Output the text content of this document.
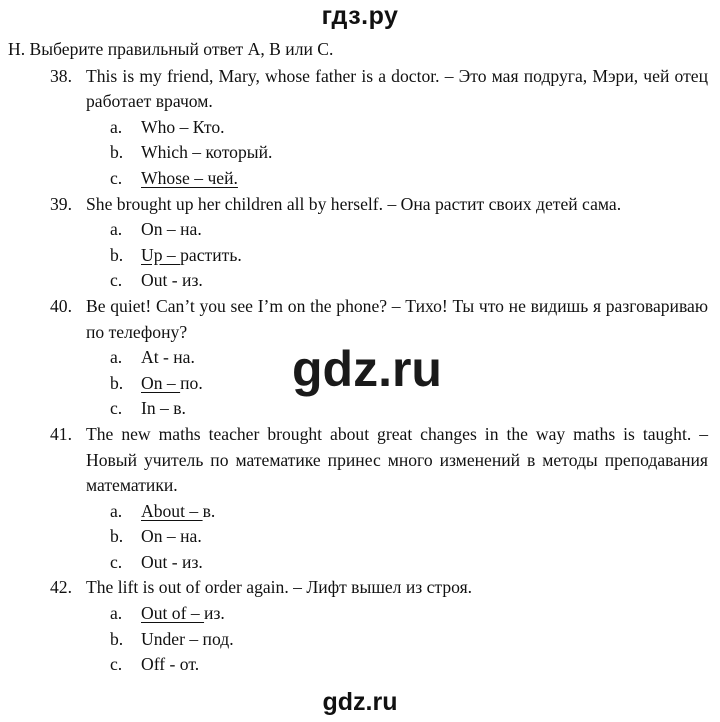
гдз.ру
H. Выберите правильный ответ A, B или C.
38. This is my friend, Mary, whose father is a doctor. – Это мая подруга, Мэри, чей отец работает врачом.
a.	Who – Кто.
b.	Which – который.
c.	Whose – чей.
39. She brought up her children all by herself. – Она растит своих детей сама.
a.	On – на.
b.	Up – растить.
c.	Out - из.
40. Be quiet! Can’t you see I’m on the phone? – Тихо! Ты что не видишь я разговариваю по телефону?
a.	At - на.
b.	On – по.
c.	In – в.
41. The new maths teacher brought about great changes in the way maths is taught. – Новый учитель по математике принес много изменений в методы преподавания математики.
a.	About – в.
b.	On – на.
c.	Out - из.
42. The lift is out of order again. – Лифт вышел из строя.
a.	Out of – из.
b.	Under – под.
c.	Off - от.
gdz.ru
gdz.ru
